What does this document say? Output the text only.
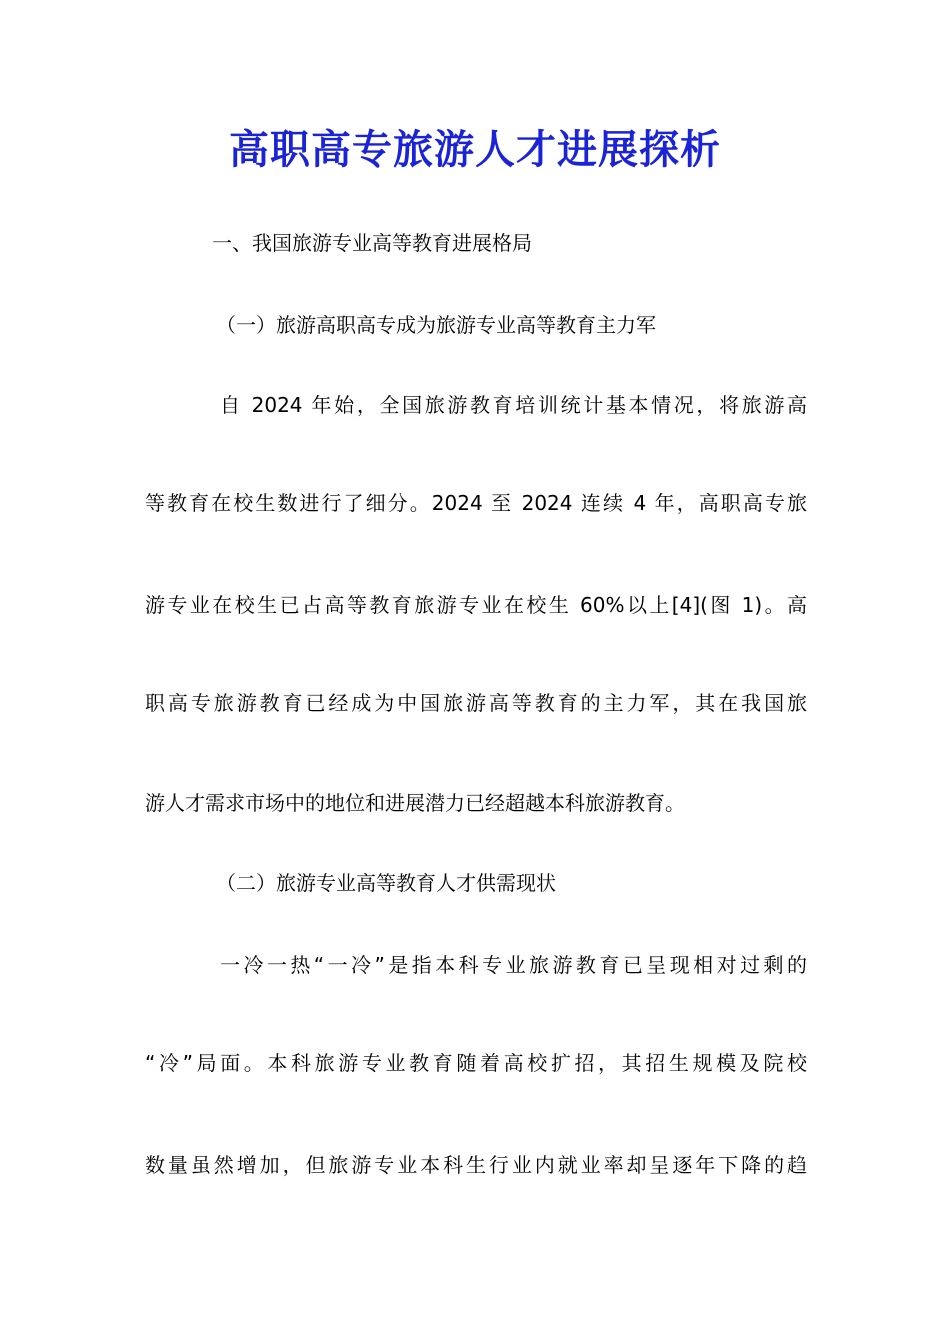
高职高专旅游人才进展探析

一、我国旅游专业高等教育进展格局

（一）旅游高职高专成为旅游专业高等教育主力军

自 2024 年始，全国旅游教育培训统计基本情况，将旅游高

等教育在校生数进行了细分。2024 至 2024 连续 4 年，高职高专旅

游专业在校生已占高等教育旅游专业在校生 60%以上[4](图 1)。高

职高专旅游教育已经成为中国旅游高等教育的主力军，其在我国旅

游人才需求市场中的地位和进展潜力已经超越本科旅游教育。

（二）旅游专业高等教育人才供需现状

一冷一热“一冷”是指本科专业旅游教育已呈现相对过剩的

“冷”局面。本科旅游专业教育随着高校扩招，其招生规模及院校

数量虽然增加，但旅游专业本科生行业内就业率却呈逐年下降的趋
